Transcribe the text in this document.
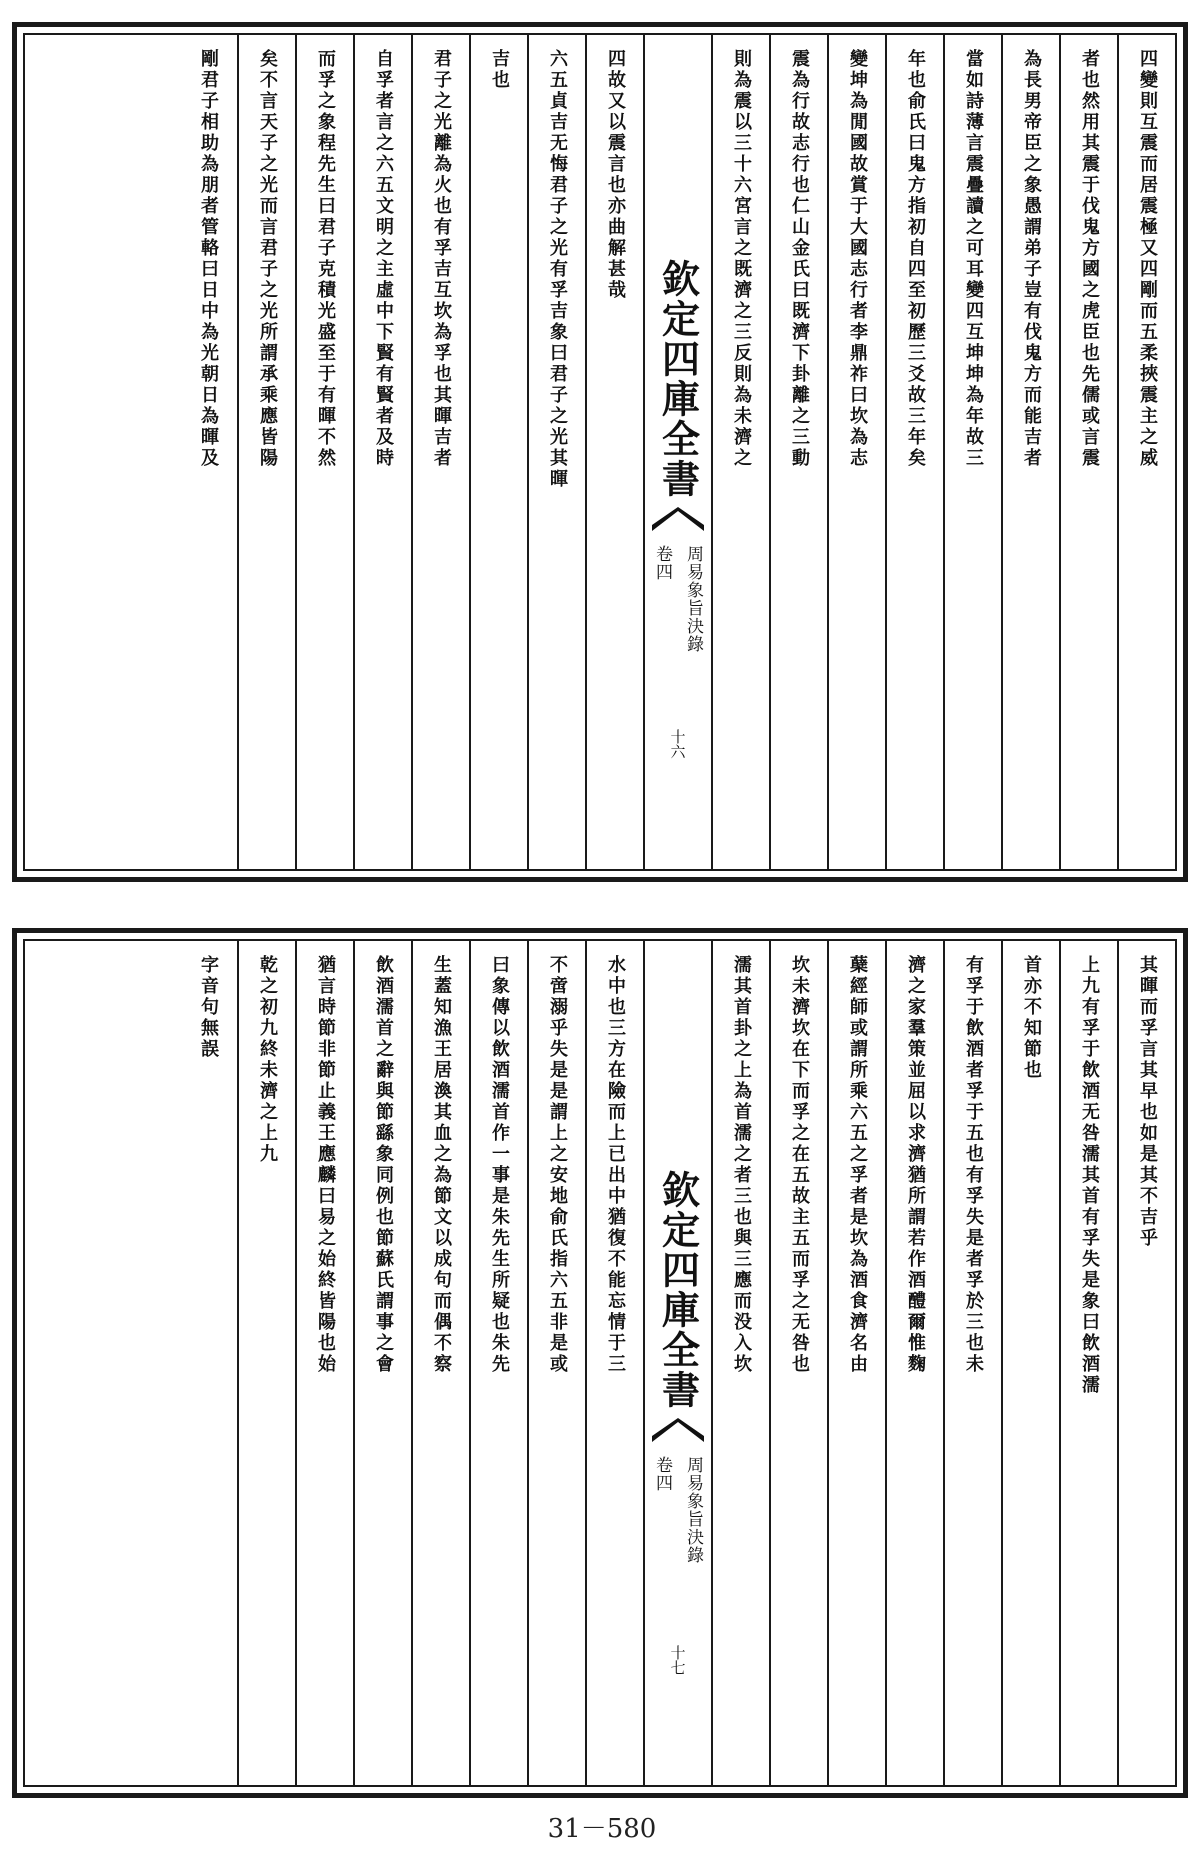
四變則互震而居震極又四剛而五柔挾震主之威
者也然用其震于伐鬼方國之虎臣也先儒或言震
為長男帝臣之象愚謂弟子豈有伐鬼方而能吉者
當如詩薄言震疊讀之可耳變四互坤坤為年故三
年也俞氏曰鬼方指初自四至初歷三爻故三年矣
變坤為閒國故賞于大國志行者李鼎祚曰坎為志
震為行故志行也仁山金氏曰既濟下卦離之三動
則為震以三十六宮言之既濟之三反則為未濟之
欽定四庫全書
周易象旨決錄
卷四
十六
四故又以震言也亦曲解甚哉
六五貞吉无悔君子之光有孚吉象曰君子之光其暉
吉也
君子之光離為火也有孚吉互坎為孚也其暉吉者
自孚者言之六五文明之主虛中下賢有賢者及時
而孚之象程先生曰君子克積光盛至于有暉不然
矣不言天子之光而言君子之光所謂承乘應皆陽
剛君子相助為朋者管輅曰日中為光朝日為暉及
其暉而孚言其早也如是其不吉乎
上九有孚于飲酒无咎濡其首有孚失是象曰飲酒濡
首亦不知節也
有孚于飲酒者孚于五也有孚失是者孚於三也未
濟之家羣策並屈以求濟猶所謂若作酒醴爾惟麴
蘖經師或謂所乘六五之孚者是坎為酒食濟名由
坎未濟坎在下而孚之在五故主五而孚之无咎也
濡其首卦之上為首濡之者三也與三應而没入坎
欽定四庫全書
周易象旨決錄
卷四
十七
水中也三方在險而上已出中猶復不能忘情于三
不啻溺乎失是是謂上之安地俞氏指六五非是或
曰象傳以飲酒濡首作一事是朱先生所疑也朱先
生蓋知漁王居渙其血之為節文以成句而偶不察
飲酒濡首之辭與節繇象同例也節蘇氏謂事之會
猶言時節非節止義王應麟曰易之始終皆陽也始
乾之初九終未濟之上九
字音句無誤
31－580
